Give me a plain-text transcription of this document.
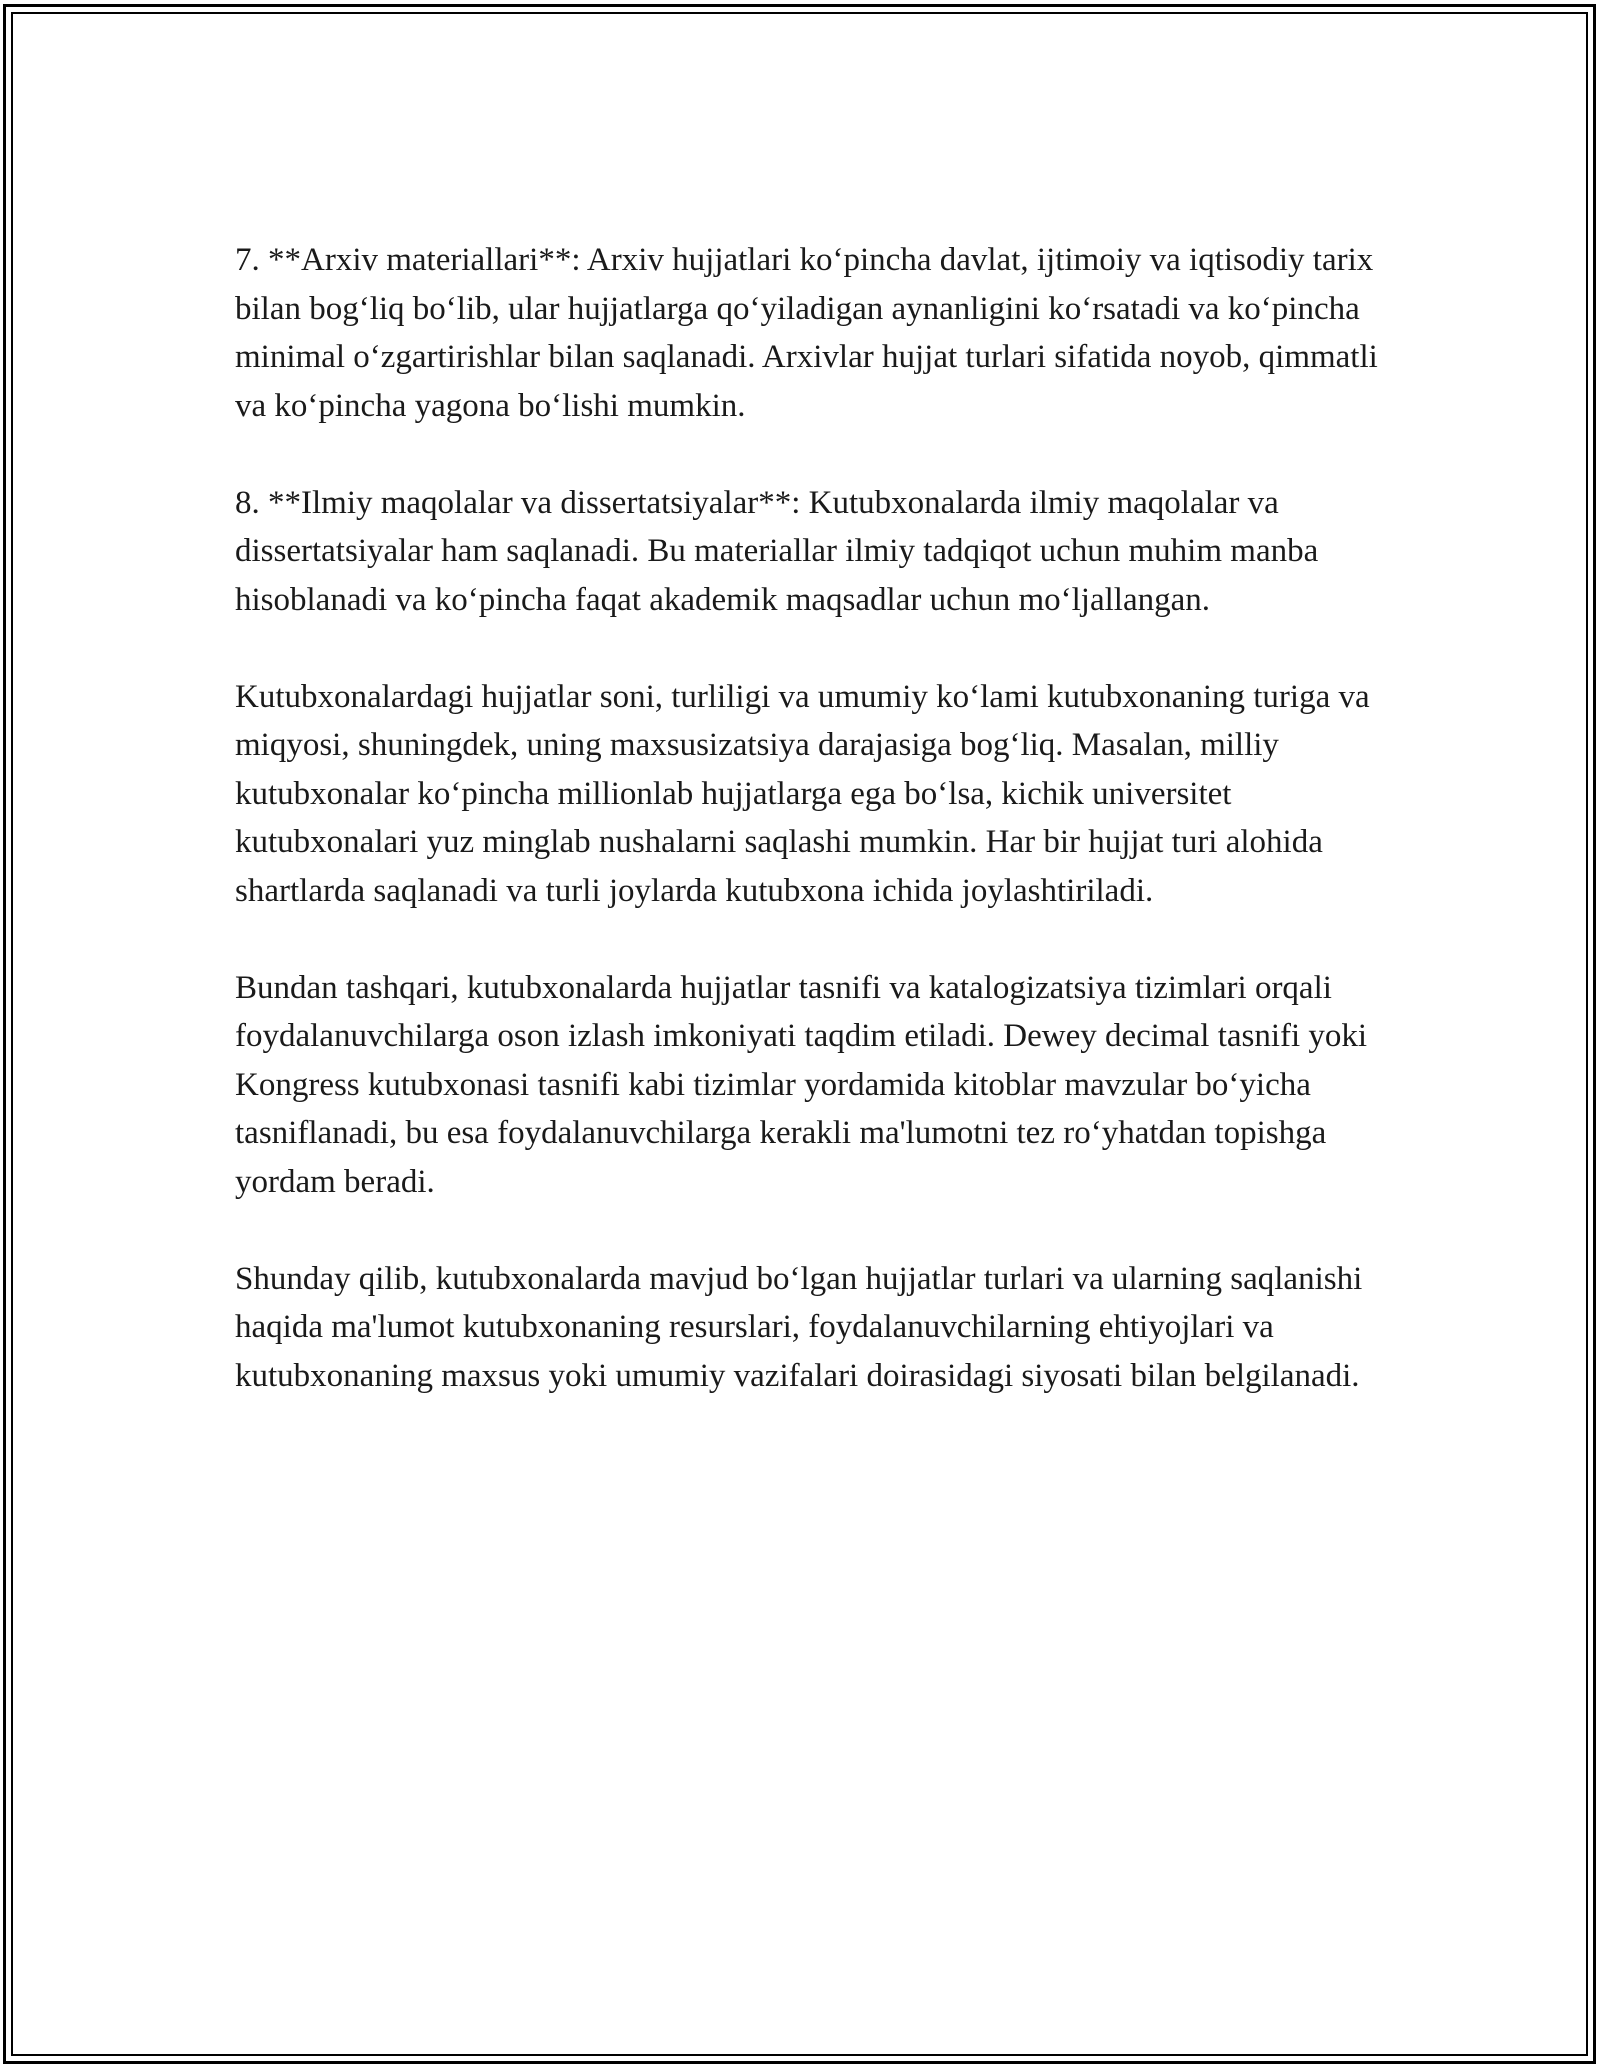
7. **Arxiv materiallari**: Arxiv hujjatlari ko‘pincha davlat, ijtimoiy va iqtisodiy tarix bilan bog‘liq bo‘lib, ular hujjatlarga qo‘yiladigan aynanligini ko‘rsatadi va ko‘pincha minimal o‘zgartirishlar bilan saqlanadi. Arxivlar hujjat turlari sifatida noyob, qimmatli va ko‘pincha yagona bo‘lishi mumkin.

8. **Ilmiy maqolalar va dissertatsiyalar**: Kutubxonalarda ilmiy maqolalar va dissertatsiyalar ham saqlanadi. Bu materiallar ilmiy tadqiqot uchun muhim manba hisoblanadi va ko‘pincha faqat akademik maqsadlar uchun mo‘ljallangan.

Kutubxonalardagi hujjatlar soni, turliligi va umumiy ko‘lami kutubxonaning turiga va miqyosi, shuningdek, uning maxsusizatsiya darajasiga bog‘liq. Masalan, milliy kutubxonalar ko‘pincha millionlab hujjatlarga ega bo‘lsa, kichik universitet kutubxonalari yuz minglab nushalarni saqlashi mumkin. Har bir hujjat turi alohida shartlarda saqlanadi va turli joylarda kutubxona ichida joylashtiriladi.

Bundan tashqari, kutubxonalarda hujjatlar tasnifi va katalogizatsiya tizimlari orqali foydalanuvchilarga oson izlash imkoniyati taqdim etiladi. Dewey decimal tasnifi yoki Kongress kutubxonasi tasnifi kabi tizimlar yordamida kitoblar mavzular bo‘yicha tasniflanadi, bu esa foydalanuvchilarga kerakli ma'lumotni tez ro‘yhatdan topishga yordam beradi.

Shunday qilib, kutubxonalarda mavjud bo‘lgan hujjatlar turlari va ularning saqlanishi haqida ma'lumot kutubxonaning resurslari, foydalanuvchilarning ehtiyojlari va kutubxonaning maxsus yoki umumiy vazifalari doirasidagi siyosati bilan belgilanadi.
